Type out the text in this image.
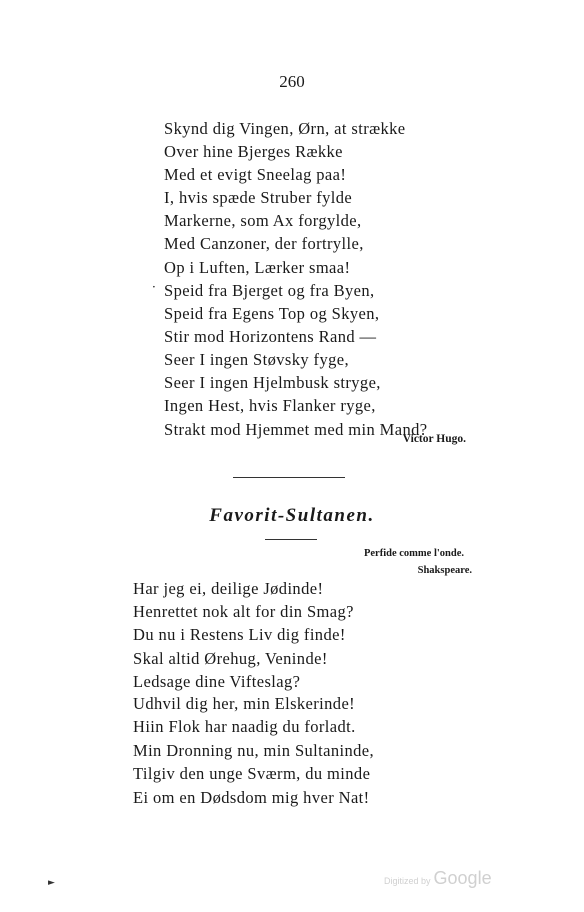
260
Skynd dig Vingen, Ørn, at strække
Over hine Bjerges Række
Med et evigt Sneelag paa!
I, hvis spæde Struber fylde
Markerne, som Ax forgylde,
Med Canzoner, der fortrylle,
Op i Luften, Lærker smaa!
· Speid fra Bjerget og fra Byen,
Speid fra Egens Top og Skyen,
Stir mod Horizontens Rand —
Seer I ingen Støvsky fyge,
Seer I ingen Hjelmbusk stryge,
Ingen Hest, hvis Flanker ryge,
Strakt mod Hjemmet med min Mand?
Victor Hugo.
Favorit-Sultanen.
Perfide comme l'onde.
Shakspeare.
Har jeg ei, deilige Jødinde!
Henrettet nok alt for din Smag?
Du nu i Restens Liv dig finde!
Skal altid Ørehug, Veninde!
Ledsage dine Vifteslag?
Udhvil dig her, min Elskerinde!
Hiin Flok har naadig du forladt.
Min Dronning nu, min Sultaninde,
Tilgiv den unge Sværm, du minde
Ei om en Dødsdom mig hver Nat!
►	Digitized by Google
